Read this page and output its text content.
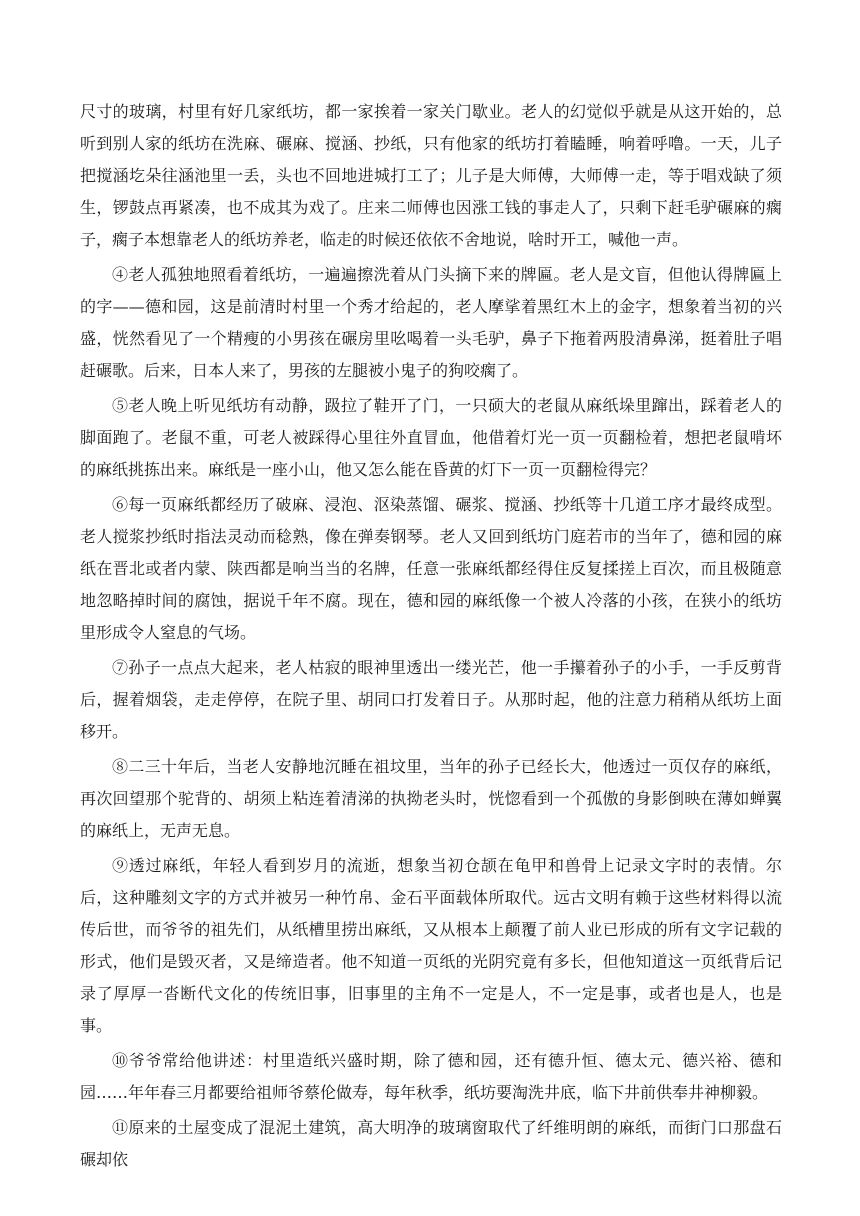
尺寸的玻璃，村里有好几家纸坊，都一家挨着一家关门歇业。老人的幻觉似乎就是从这开始的，总听到别人家的纸坊在洗麻、碾麻、搅涵、抄纸，只有他家的纸坊打着瞌睡，响着呼噜。一天，儿子把搅涵圪朵往涵池里一丢，头也不回地进城打工了；儿子是大师傅，大师傅一走，等于唱戏缺了须生，锣鼓点再紧凑，也不成其为戏了。庄来二师傅也因涨工钱的事走人了，只剩下赶毛驴碾麻的瘸子，瘸子本想靠老人的纸坊养老，临走的时候还依依不舍地说，啥时开工，喊他一声。

④老人孤独地照看着纸坊，一遍遍擦洗着从门头摘下来的牌匾。老人是文盲，但他认得牌匾上的字——德和园，这是前清时村里一个秀才给起的，老人摩挲着黑红木上的金字，想象着当初的兴盛，恍然看见了一个精瘦的小男孩在碾房里吆喝着一头毛驴，鼻子下拖着两股清鼻涕，挺着肚子唱赶碾歌。后来，日本人来了，男孩的左腿被小鬼子的狗咬瘸了。

⑤老人晚上听见纸坊有动静，趿拉了鞋开了门，一只硕大的老鼠从麻纸垛里蹿出，踩着老人的脚面跑了。老鼠不重，可老人被踩得心里往外直冒血，他借着灯光一页一页翻检着，想把老鼠啃坏的麻纸挑拣出来。麻纸是一座小山，他又怎么能在昏黄的灯下一页一页翻检得完？

⑥每一页麻纸都经历了破麻、浸泡、沤染蒸馏、碾浆、搅涵、抄纸等十几道工序才最终成型。老人搅浆抄纸时指法灵动而稔熟，像在弹奏钢琴。老人又回到纸坊门庭若市的当年了，德和园的麻纸在晋北或者内蒙、陕西都是响当当的名牌，任意一张麻纸都经得住反复揉搓上百次，而且极随意地忽略掉时间的腐蚀，据说千年不腐。现在，德和园的麻纸像一个被人冷落的小孩，在狭小的纸坊里形成令人窒息的气场。

⑦孙子一点点大起来，老人枯寂的眼神里透出一缕光芒，他一手攥着孙子的小手，一手反剪背后，握着烟袋，走走停停，在院子里、胡同口打发着日子。从那时起，他的注意力稍稍从纸坊上面移开。

⑧二三十年后，当老人安静地沉睡在祖坟里，当年的孙子已经长大，他透过一页仅存的麻纸，再次回望那个驼背的、胡须上粘连着清涕的执拗老头时，恍惚看到一个孤傲的身影倒映在薄如蝉翼的麻纸上，无声无息。

⑨透过麻纸，年轻人看到岁月的流逝，想象当初仓颉在龟甲和兽骨上记录文字时的表情。尔后，这种雕刻文字的方式并被另一种竹帛、金石平面载体所取代。远古文明有赖于这些材料得以流传后世，而爷爷的祖先们，从纸槽里捞出麻纸，又从根本上颠覆了前人业已形成的所有文字记载的形式，他们是毁灭者，又是缔造者。他不知道一页纸的光阴究竟有多长，但他知道这一页纸背后记录了厚厚一沓断代文化的传统旧事，旧事里的主角不一定是人，不一定是事，或者也是人，也是事。

⑩爷爷常给他讲述：村里造纸兴盛时期，除了德和园，还有德升恒、德太元、德兴裕、德和园……年年春三月都要给祖师爷蔡伦做寿，每年秋季，纸坊要淘洗井底，临下井前供奉井神柳毅。

⑪原来的土屋变成了混泥土建筑，高大明净的玻璃窗取代了纤维明朗的麻纸，而街门口那盘石碾却依
